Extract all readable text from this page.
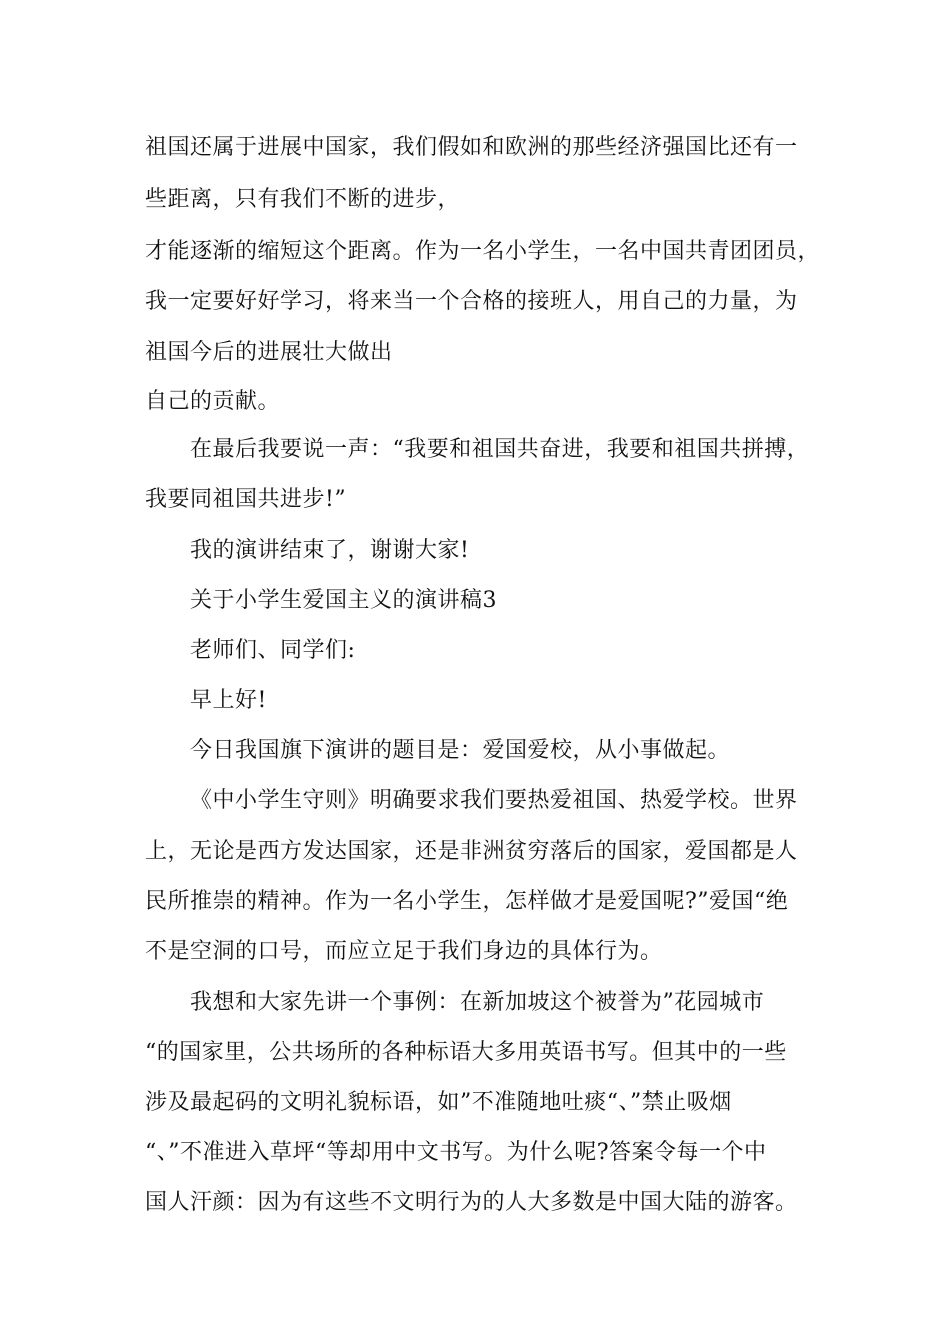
祖国还属于进展中国家，我们假如和欧洲的那些经济强国比还有一
些距离，只有我们不断的进步，
才能逐渐的缩短这个距离。作为一名小学生，一名中国共青团团员，
我一定要好好学习，将来当一个合格的接班人，用自己的力量，为
祖国今后的进展壮大做出
自己的贡献。
在最后我要说一声：“我要和祖国共奋进，我要和祖国共拼搏，
我要同祖国共进步!”
我的演讲结束了，谢谢大家!
关于小学生爱国主义的演讲稿3
老师们、同学们:
早上好!
今日我国旗下演讲的题目是：爱国爱校，从小事做起。
《中小学生守则》明确要求我们要热爱祖国、热爱学校。世界
上，无论是西方发达国家，还是非洲贫穷落后的国家，爱国都是人
民所推崇的精神。作为一名小学生，怎样做才是爱国呢?”爱国“绝
不是空洞的口号，而应立足于我们身边的具体行为。
我想和大家先讲一个事例：在新加坡这个被誉为”花园城市
“的国家里，公共场所的各种标语大多用英语书写。但其中的一些
涉及最起码的文明礼貌标语，如”不准随地吐痰“、”禁止吸烟
“、”不准进入草坪“等却用中文书写。为什么呢?答案令每一个中
国人汗颜：因为有这些不文明行为的人大多数是中国大陆的游客。
